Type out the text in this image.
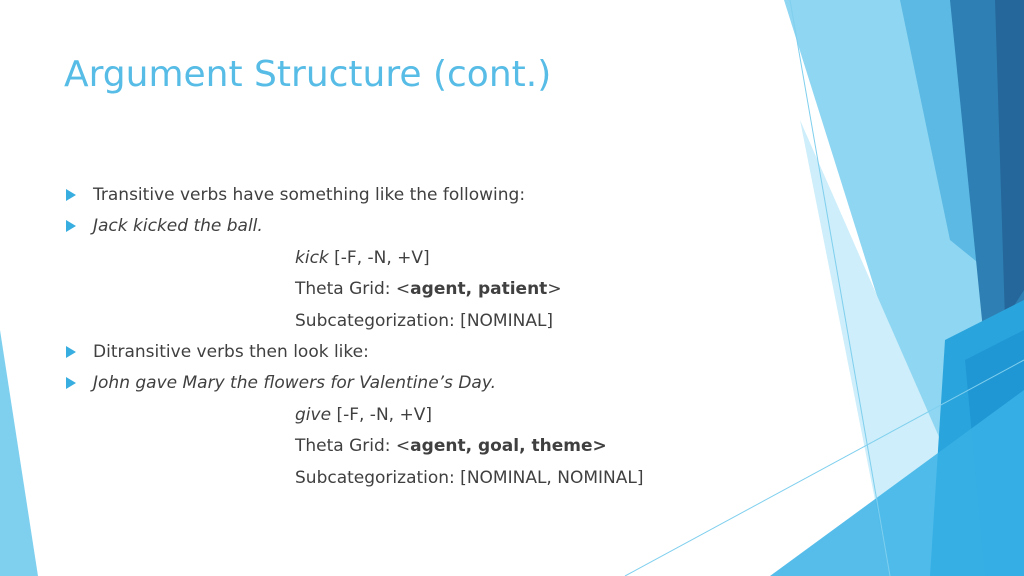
Argument Structure (cont.)
Transitive verbs have something like the following:
Jack kicked the ball.
kick [-F, -N, +V]
Theta Grid: <agent, patient>
Subcategorization: [NOMINAL]
Ditransitive verbs then look like:
John gave Mary the flowers for Valentine’s Day.
give [-F, -N, +V]
Theta Grid: <agent, goal, theme>
Subcategorization: [NOMINAL, NOMINAL]
